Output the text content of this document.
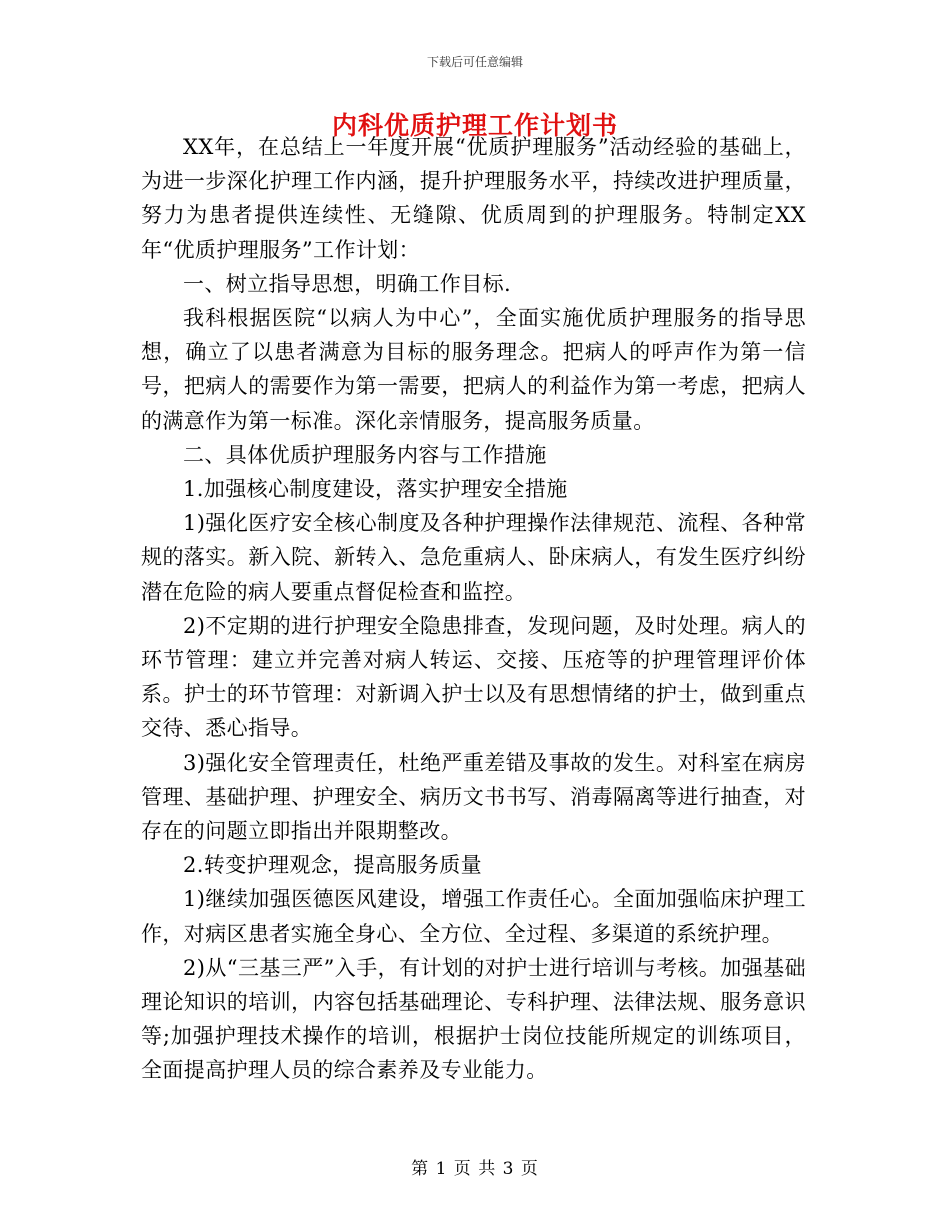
下载后可任意编辑
内科优质护理工作计划书

XX年，在总结上一年度开展“优质护理服务”活动经验的基础上，为进一步深化护理工作内涵，提升护理服务水平，持续改进护理质量，努力为患者提供连续性、无缝隙、优质周到的护理服务。特制定XX年“优质护理服务”工作计划：

一、树立指导思想，明确工作目标.

我科根据医院“以病人为中心”，全面实施优质护理服务的指导思想，确立了以患者满意为目标的服务理念。把病人的呼声作为第一信号，把病人的需要作为第一需要，把病人的利益作为第一考虑，把病人的满意作为第一标准。深化亲情服务，提高服务质量。

二、具体优质护理服务内容与工作措施

1.加强核心制度建设，落实护理安全措施

1)强化医疗安全核心制度及各种护理操作法律规范、流程、各种常规的落实。新入院、新转入、急危重病人、卧床病人，有发生医疗纠纷潜在危险的病人要重点督促检查和监控。

2)不定期的进行护理安全隐患排查，发现问题，及时处理。病人的环节管理：建立并完善对病人转运、交接、压疮等的护理管理评价体系。护士的环节管理：对新调入护士以及有思想情绪的护士，做到重点交待、悉心指导。

3)强化安全管理责任，杜绝严重差错及事故的发生。对科室在病房管理、基础护理、护理安全、病历文书书写、消毒隔离等进行抽查，对存在的问题立即指出并限期整改。

2.转变护理观念，提高服务质量

1)继续加强医德医风建设，增强工作责任心。全面加强临床护理工作，对病区患者实施全身心、全方位、全过程、多渠道的系统护理。

2)从“三基三严”入手，有计划的对护士进行培训与考核。加强基础理论知识的培训，内容包括基础理论、专科护理、法律法规、服务意识等;加强护理技术操作的培训，根据护士岗位技能所规定的训练项目，全面提高护理人员的综合素养及专业能力。

第 1 页 共 3 页
